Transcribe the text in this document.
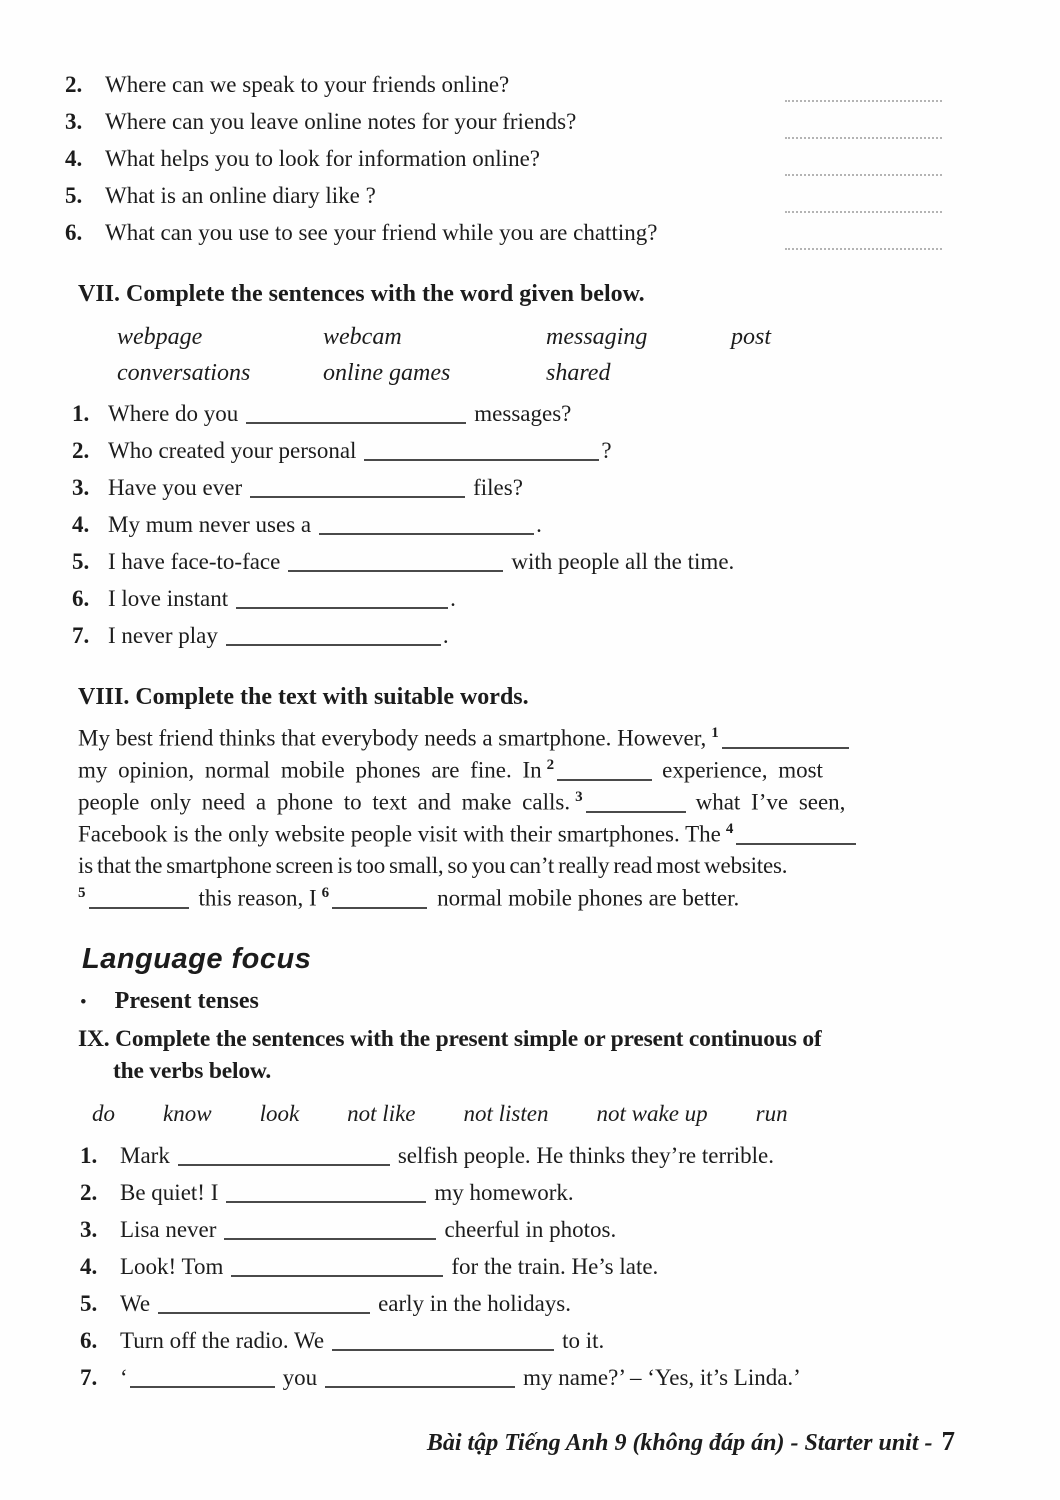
2. Where can we speak to your friends online?
3. Where can you leave online notes for your friends?
4. What helps you to look for information online?
5. What is an online diary like ?
6. What can you use to see your friend while you are chatting?
VII. Complete the sentences with the word given below.
webpage	webcam	messaging	post
conversations	online games	shared
1. Where do you	messages?
2. Who created your personal	?
3. Have you ever	files?
4. My mum never uses a	.
5. I have face-to-face	with people all the time.
6. I love instant	.
7. I never play	.
VIII. Complete the text with suitable words.
My best friend thinks that everybody needs a smartphone. However, $^1$
my opinion, normal mobile phones are fine. In $^2$	experience, most
people only need a phone to text and make calls. $^3$	what I’ve seen,
Facebook is the only website people visit with their smartphones. The $^4$
is that the smartphone screen is too small, so you can’t really read most websites.
$^5$	this reason, I $^6$	normal mobile phones are better.
Language focus
• Present tenses
IX. Complete the sentences with the present simple or present continuous of
the verbs below.
do know look not like not listen not wake up run
1. Mark	selfish people. He thinks they’re terrible.
2. Be quiet! I	my homework.
3. Lisa never	cheerful in photos.
4. Look! Tom	for the train. He’s late.
5. We	early in the holidays.
6. Turn off the radio. We	to it.
7. ‘	you	my name?’ – ‘Yes, it’s Linda.’
Bài tập Tiếng Anh 9 (không đáp án) - Starter unit - 7
